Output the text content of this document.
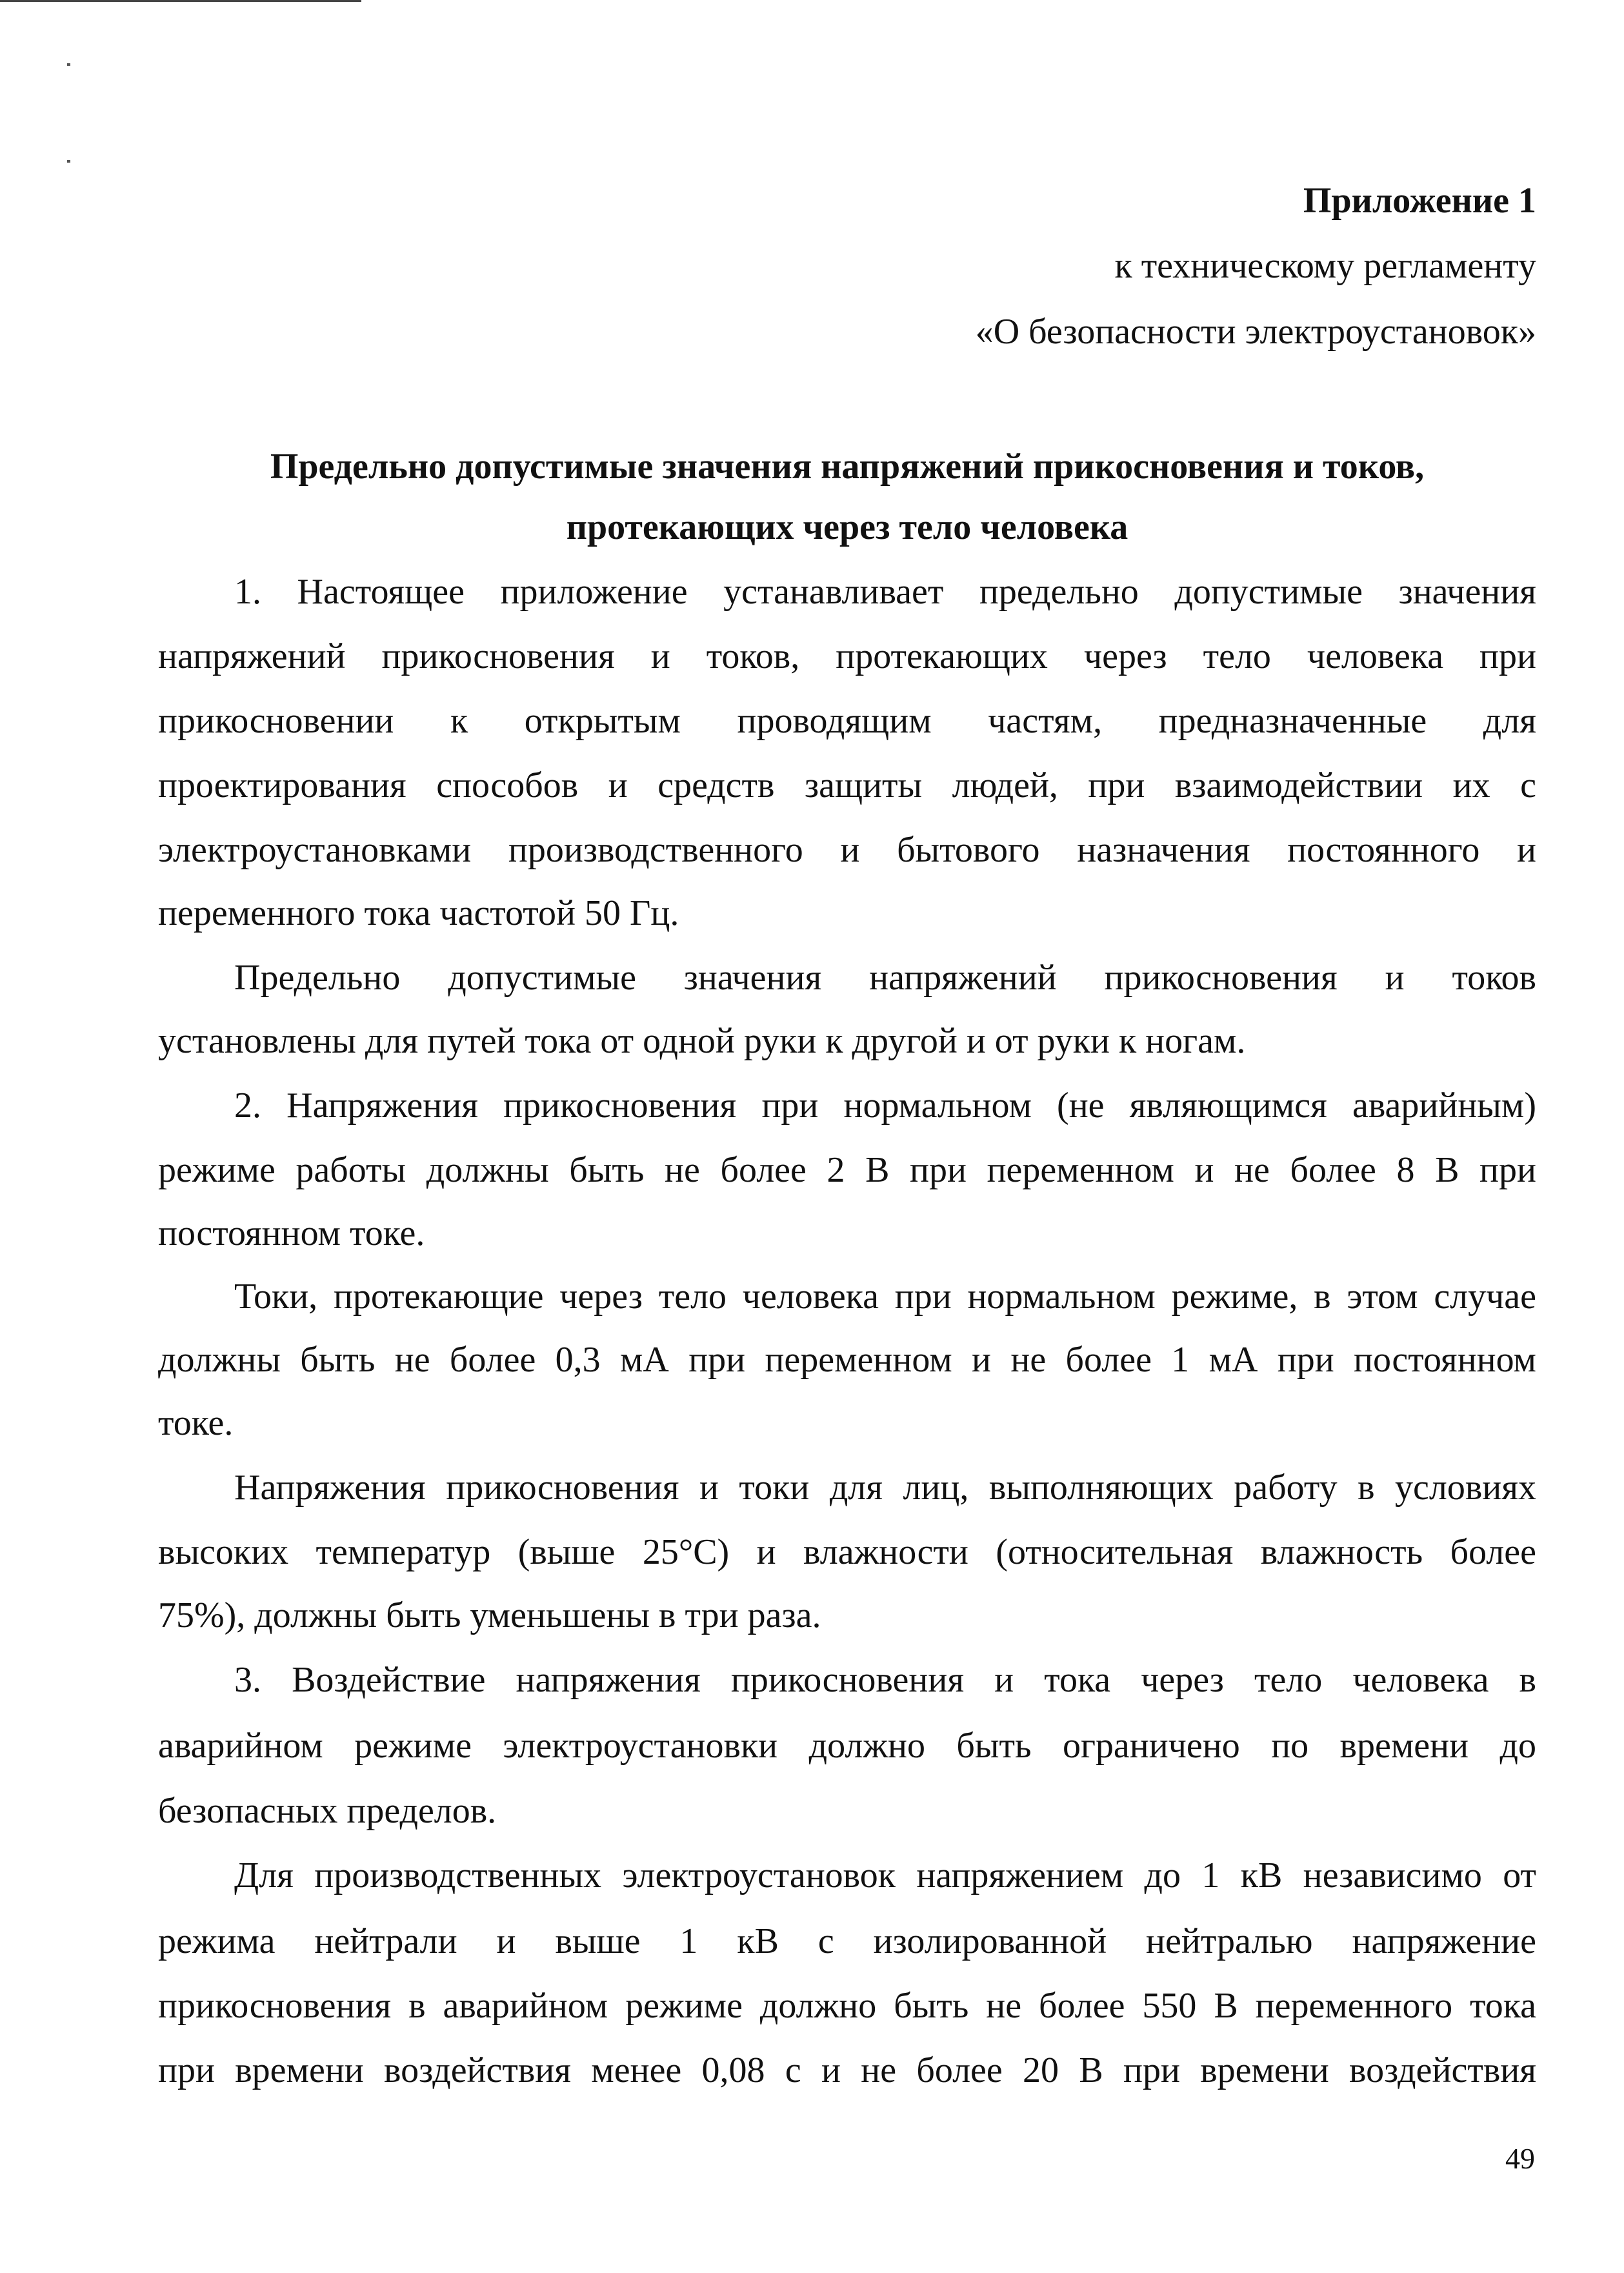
Приложение 1
к техническому регламенту
«О безопасности электроустановок»
Предельно допустимые значения напряжений прикосновения и токов,
протекающих через тело человека
1. Настоящее приложение устанавливает предельно допустимые значения
напряжений прикосновения и токов, протекающих через тело человека при
прикосновении к открытым проводящим частям, предназначенные для
проектирования способов и средств защиты людей, при взаимодействии их с
электроустановками производственного и бытового назначения постоянного и
переменного тока частотой 50 Гц.
Предельно допустимые значения напряжений прикосновения и токов
установлены для путей тока от одной руки к другой и от руки к ногам.
2. Напряжения прикосновения при нормальном (не являющимся аварийным)
режиме работы должны быть не более 2 В при переменном и не более 8 В при
постоянном токе.
Токи, протекающие через тело человека при нормальном режиме, в этом случае
должны быть не более 0,3 мА при переменном и не более 1 мА при постоянном
токе.
Напряжения прикосновения и токи для лиц, выполняющих работу в условиях
высоких температур (выше 25°С) и влажности (относительная влажность более
75%), должны быть уменьшены в три раза.
3. Воздействие напряжения прикосновения и тока через тело человека в
аварийном режиме электроустановки должно быть ограничено по времени до
безопасных пределов.
Для производственных электроустановок напряжением до 1 кВ независимо от
режима нейтрали и выше 1 кВ с изолированной нейтралью напряжение
прикосновения в аварийном режиме должно быть не более 550 В переменного тока
при времени воздействия менее 0,08 с и не более 20 В при времени воздействия
49
